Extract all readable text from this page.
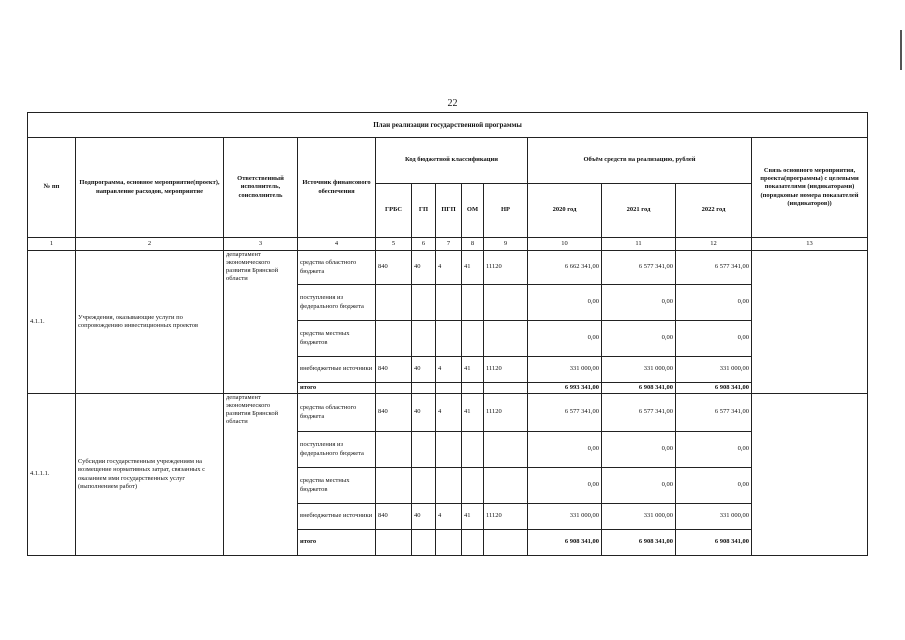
22
План реализации государственной программы												
№ пп	Подпрограмма, основное мероприятие(проект), направление расходов, мероприятие	Ответственный исполнитель, соисполнитель	Источник финансового обеспечения	Код бюджетной классификации					Объём средств на реализацию, рублей			Связь основного мероприятия, проекта(программы) с целевыми показателями (индикаторами) (порядковые номера показателей (индикаторов))
				ГРБС	ГП	ПГП	ОМ	НР	2020 год	2021 год	2022 год	
1	2	3	4	5	6	7	8	9	10	11	12	13
4.1.1.	Учреждения, оказывающие услуги по сопровождению инвестиционных проектов	департамент экономического развития Брянской области	средства областного бюджета	840	40	4	41	11120	6 662 341,00	6 577 341,00	6 577 341,00	
			поступления из федерального бюджета						0,00	0,00	0,00	
			средства местных бюджетов						0,00	0,00	0,00	
			внебюджетные источники	840	40	4	41	11120	331 000,00	331 000,00	331 000,00	
			итого						6 993 341,00	6 908 341,00	6 908 341,00	
4.1.1.1.	Субсидии государственным учреждениям на возмещение нормативных затрат, связанных с оказанием ими государственных услуг (выполнением работ)	департамент экономического развития Брянской области	средства областного бюджета	840	40	4	41	11120	6 577 341,00	6 577 341,00	6 577 341,00	
			поступления из федерального бюджета						0,00	0,00	0,00	
			средства местных бюджетов						0,00	0,00	0,00	
			внебюджетные источники	840	40	4	41	11120	331 000,00	331 000,00	331 000,00	
			итого						6 908 341,00	6 908 341,00	6 908 341,00	
